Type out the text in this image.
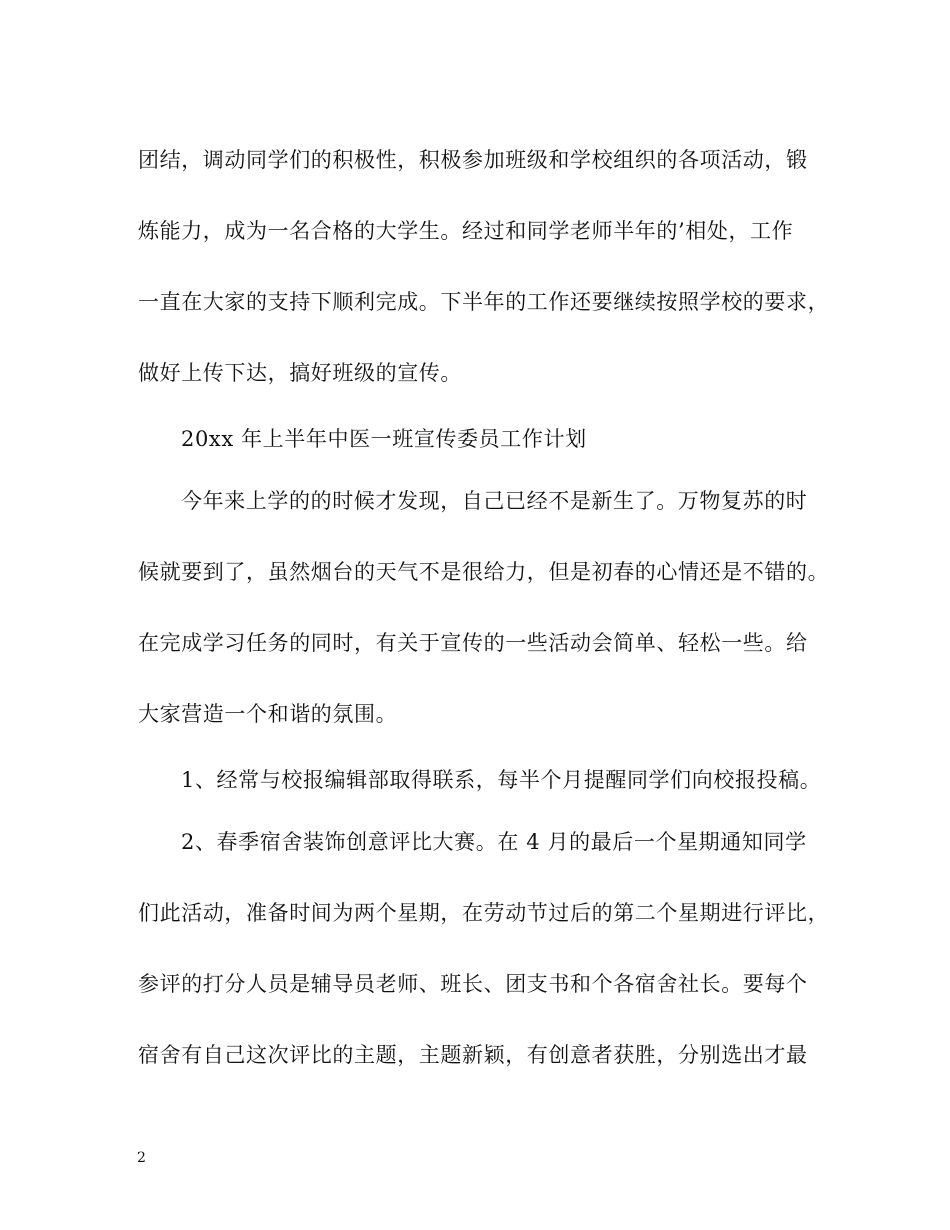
团结，调动同学们的积极性，积极参加班级和学校组织的各项活动，锻
炼能力，成为一名合格的大学生。经过和同学老师半年的’相处，工作
一直在大家的支持下顺利完成。下半年的工作还要继续按照学校的要求，
做好上传下达，搞好班级的宣传。
20xx 年上半年中医一班宣传委员工作计划
今年来上学的的时候才发现，自己已经不是新生了。万物复苏的时
候就要到了，虽然烟台的天气不是很给力，但是初春的心情还是不错的。
在完成学习任务的同时，有关于宣传的一些活动会简单、轻松一些。给
大家营造一个和谐的氛围。
1、经常与校报编辑部取得联系，每半个月提醒同学们向校报投稿。
2、春季宿舍装饰创意评比大赛。在 4 月的最后一个星期通知同学
们此活动，准备时间为两个星期，在劳动节过后的第二个星期进行评比，
参评的打分人员是辅导员老师、班长、团支书和个各宿舍社长。要每个
宿舍有自己这次评比的主题，主题新颖，有创意者获胜，分别选出才最
2
